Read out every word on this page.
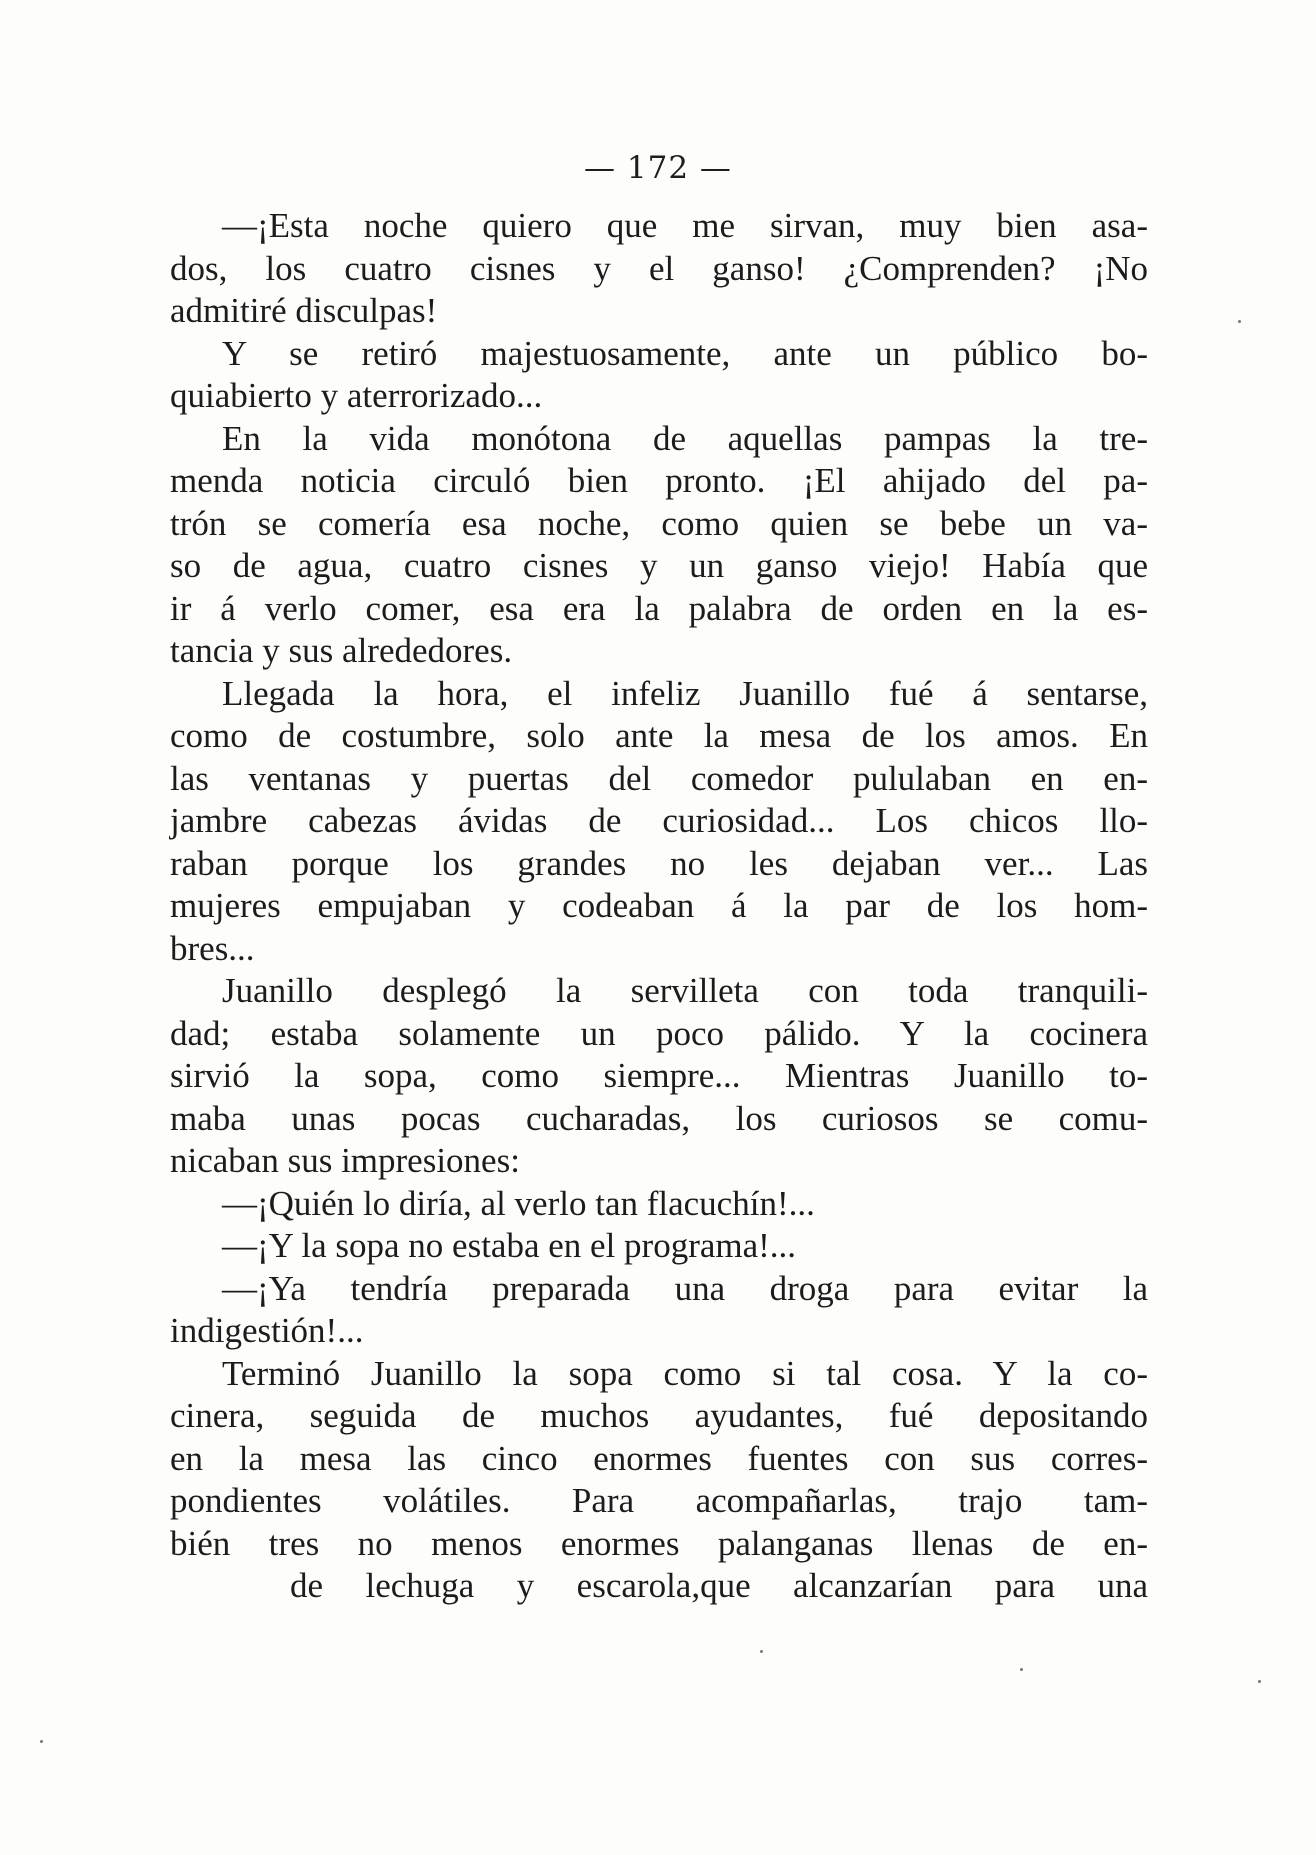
— 172 —
—¡Esta noche quiero que me sirvan, muy bien asa-
dos, los cuatro cisnes y el ganso! ¿Comprenden? ¡No
admitiré disculpas!
Y se retiró majestuosamente, ante un público bo-
quiabierto y aterrorizado...
En la vida monótona de aquellas pampas la tre-
menda noticia circuló bien pronto. ¡El ahijado del pa-
trón se comería esa noche, como quien se bebe un va-
so de agua, cuatro cisnes y un ganso viejo! Había que
ir á verlo comer, esa era la palabra de orden en la es-
tancia y sus alrededores.
Llegada la hora, el infeliz Juanillo fué á sentarse,
como de costumbre, solo ante la mesa de los amos. En
las ventanas y puertas del comedor pululaban en en-
jambre cabezas ávidas de curiosidad... Los chicos llo-
raban porque los grandes no les dejaban ver... Las
mujeres empujaban y codeaban á la par de los hom-
bres...
Juanillo desplegó la servilleta con toda tranquili-
dad; estaba solamente un poco pálido. Y la cocinera
sirvió la sopa, como siempre... Mientras Juanillo to-
maba unas pocas cucharadas, los curiosos se comu-
nicaban sus impresiones:
—¡Quién lo diría, al verlo tan flacuchín!...
—¡Y la sopa no estaba en el programa!...
—¡Ya tendría preparada una droga para evitar la
indigestión!...
Terminó Juanillo la sopa como si tal cosa. Y la co-
cinera, seguida de muchos ayudantes, fué depositando
en la mesa las cinco enormes fuentes con sus corres-
pondientes volátiles. Para acompañarlas, trajo tam-
bién tres no menos enormes palanganas llenas de en-
de lechuga y escarola,que alcanzarían para una
